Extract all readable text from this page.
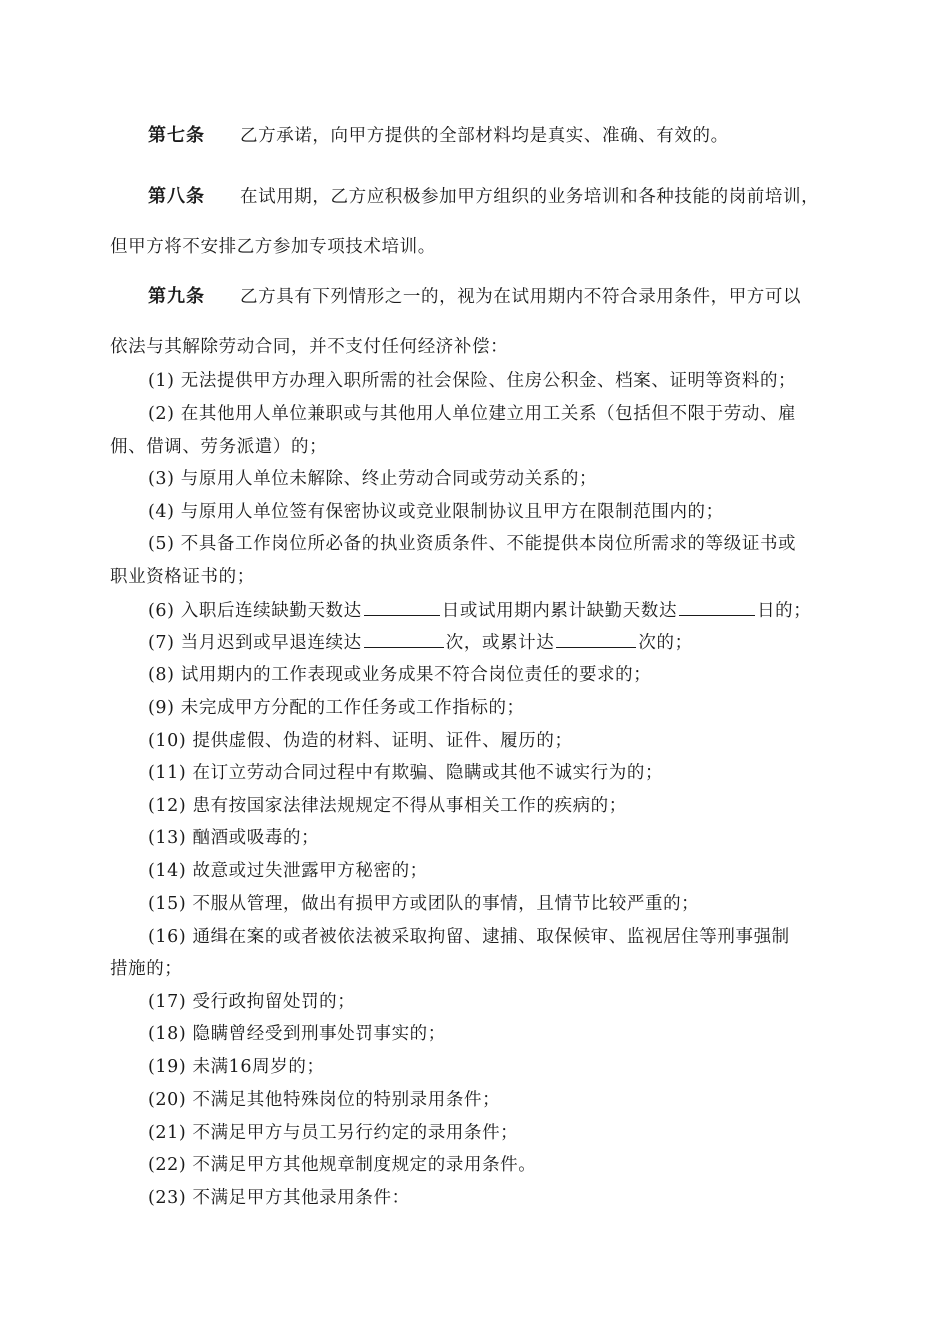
第七条 乙方承诺，向甲方提供的全部材料均是真实、准确、有效的。
第八条 在试用期，乙方应积极参加甲方组织的业务培训和各种技能的岗前培训，
但甲方将不安排乙方参加专项技术培训。
第九条 乙方具有下列情形之一的，视为在试用期内不符合录用条件，甲方可以
依法与其解除劳动合同，并不支付任何经济补偿：
(1) 无法提供甲方办理入职所需的社会保险、住房公积金、档案、证明等资料的；
(2) 在其他用人单位兼职或与其他用人单位建立用工关系（包括但不限于劳动、雇
佣、借调、劳务派遣）的；
(3) 与原用人单位未解除、终止劳动合同或劳动关系的；
(4) 与原用人单位签有保密协议或竞业限制协议且甲方在限制范围内的；
(5) 不具备工作岗位所必备的执业资质条件、不能提供本岗位所需求的等级证书或
职业资格证书的；
(6) 入职后连续缺勤天数达	日或试用期内累计缺勤天数达	日的；
(7) 当月迟到或早退连续达	次，或累计达	次的；
(8) 试用期内的工作表现或业务成果不符合岗位责任的要求的；
(9) 未完成甲方分配的工作任务或工作指标的；
(10) 提供虚假、伪造的材料、证明、证件、履历的；
(11) 在订立劳动合同过程中有欺骗、隐瞒或其他不诚实行为的；
(12) 患有按国家法律法规规定不得从事相关工作的疾病的；
(13) 酗酒或吸毒的；
(14) 故意或过失泄露甲方秘密的；
(15) 不服从管理，做出有损甲方或团队的事情，且情节比较严重的；
(16) 通缉在案的或者被依法被采取拘留、逮捕、取保候审、监视居住等刑事强制
措施的；
(17) 受行政拘留处罚的；
(18) 隐瞒曾经受到刑事处罚事实的；
(19) 未满16周岁的；
(20) 不满足其他特殊岗位的特别录用条件；
(21) 不满足甲方与员工另行约定的录用条件；
(22) 不满足甲方其他规章制度规定的录用条件。
(23) 不满足甲方其他录用条件：
